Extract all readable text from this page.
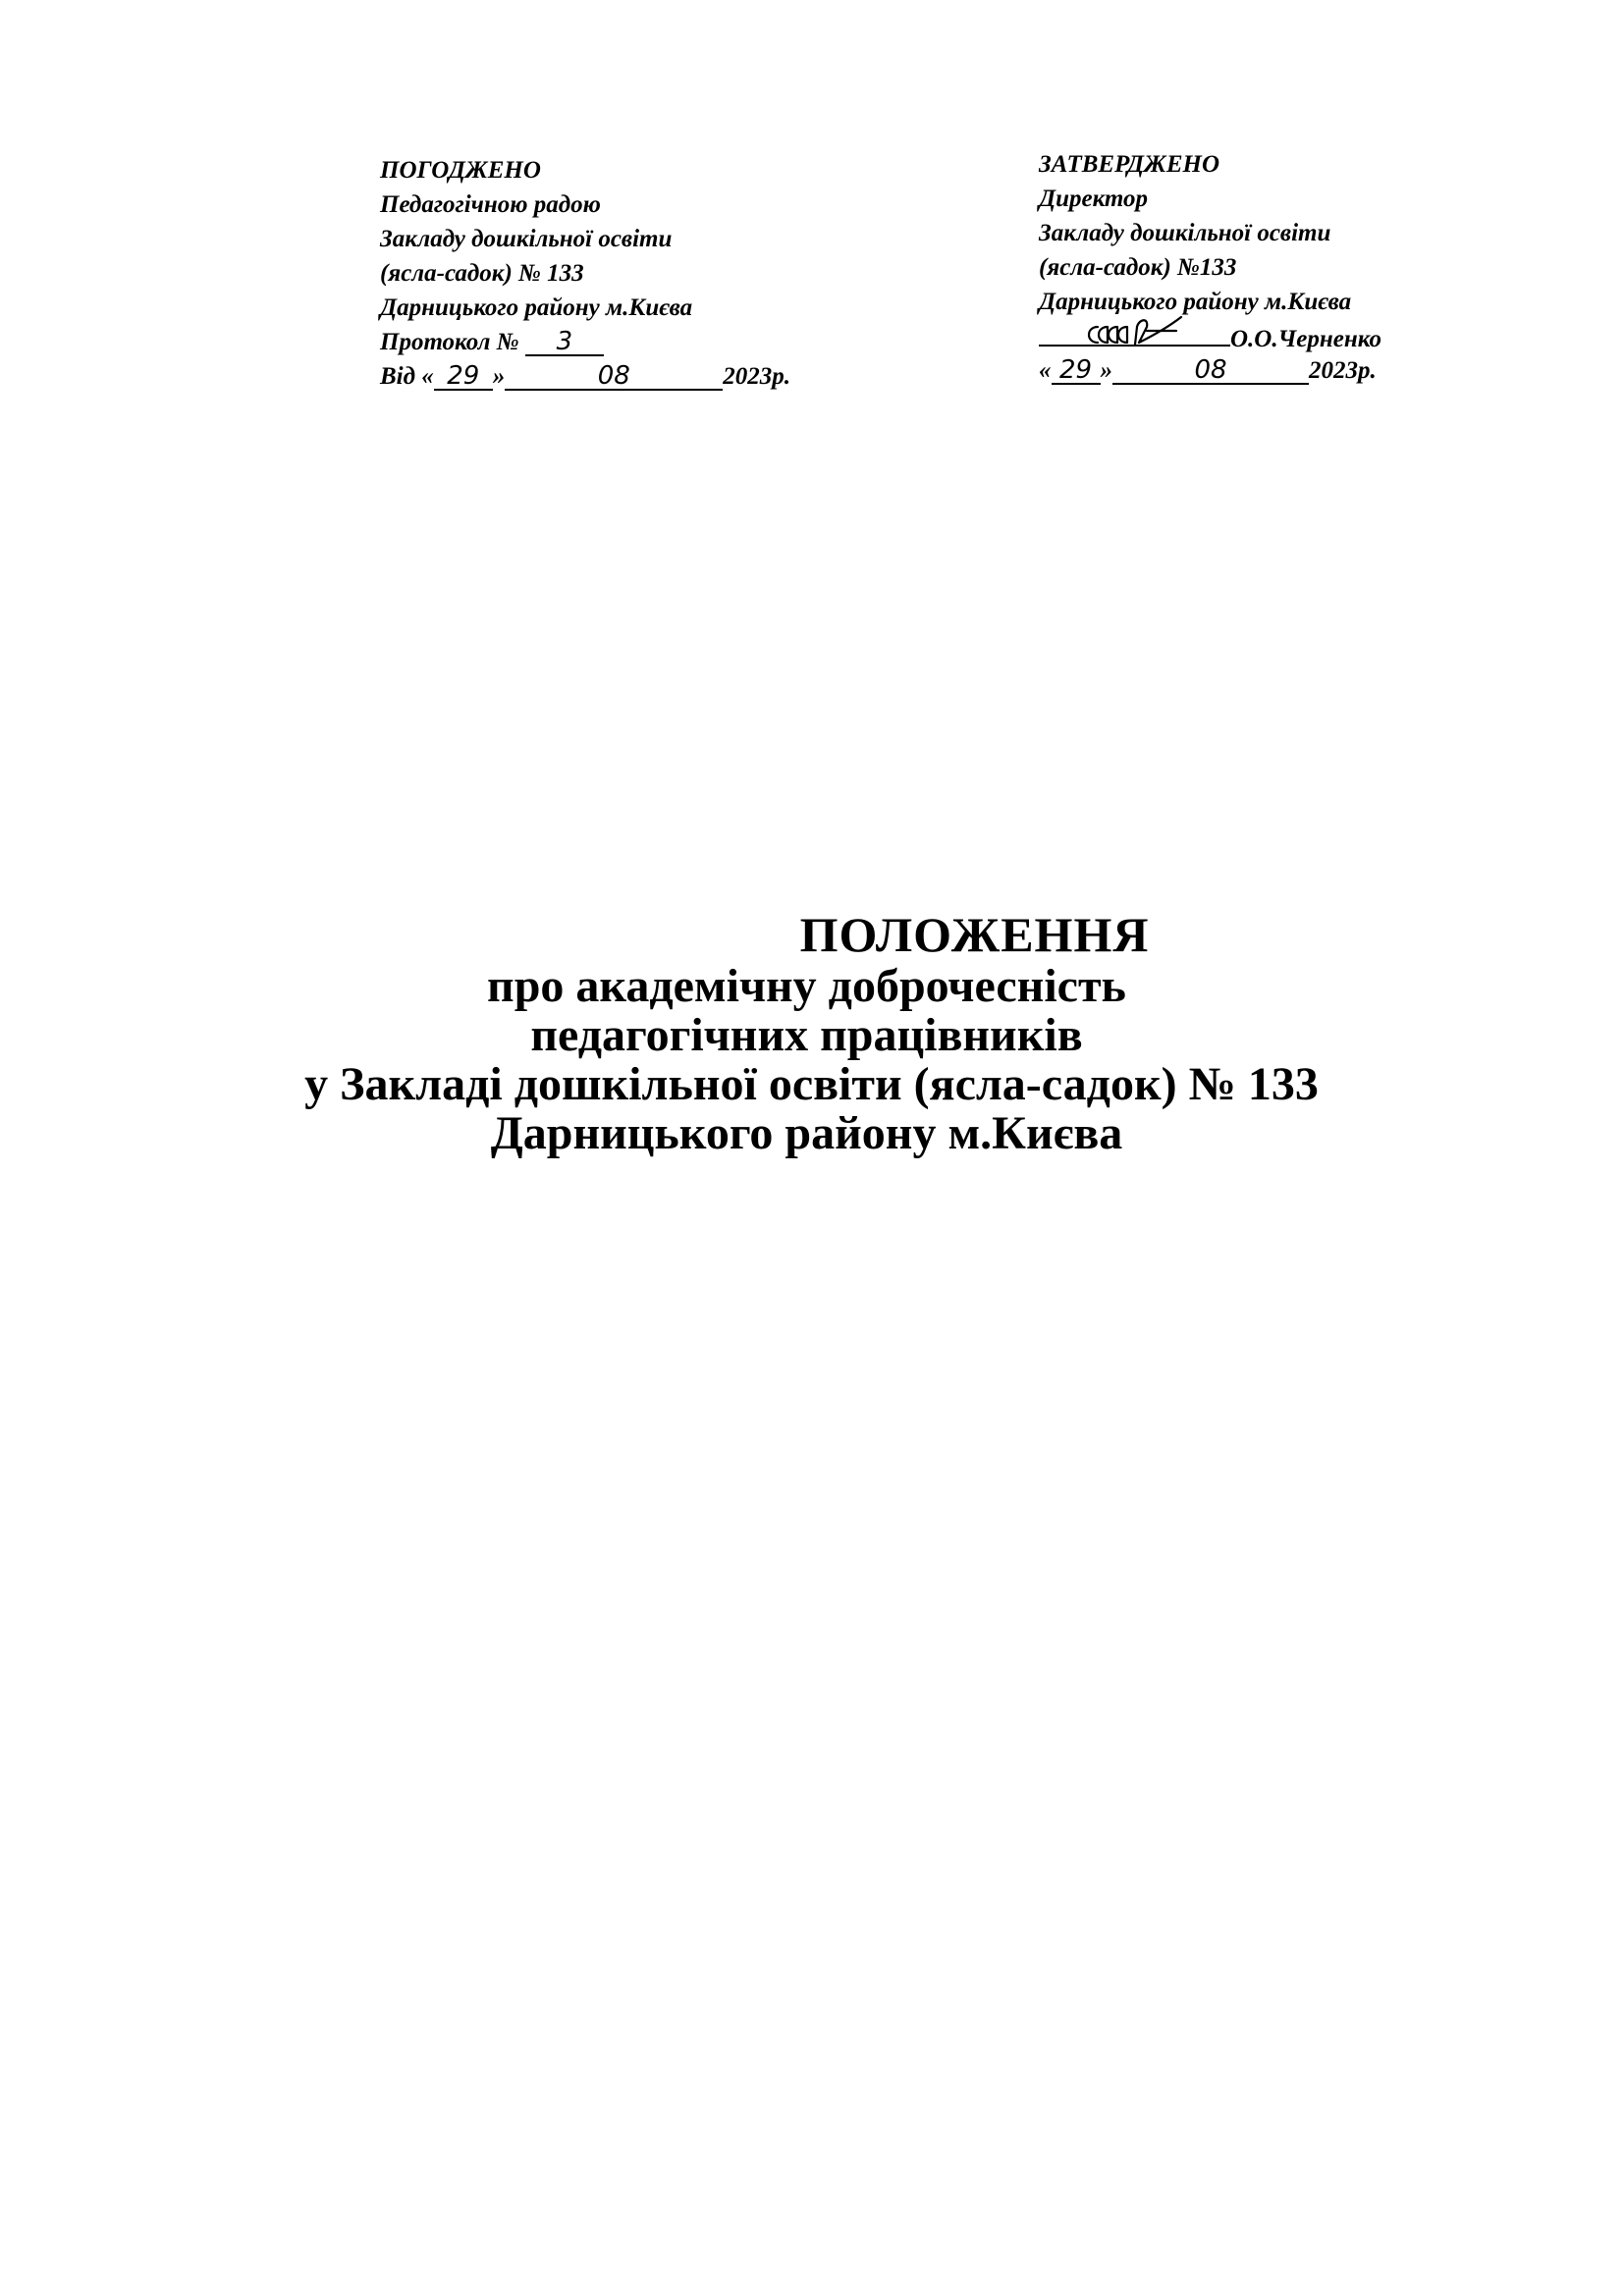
ПОГОДЖЕНО
Педагогічною радою
Закладу дошкільної освіти
(ясла-садок) № 133
Дарницького району м.Києва
Протокол № 3
Від « 29 »	08	2023р.
ЗАТВЕРДЖЕНО
Директор
Закладу дошкільної освіти
(ясла-садок) №133
Дарницького району м.Києва
О.О.Черненко
« 29 »	08	2023р.
ПОЛОЖЕННЯ
про академічну доброчесність
педагогічних працівників
у Закладі дошкільної освіти (ясла-садок) № 133
Дарницького району м.Києва
